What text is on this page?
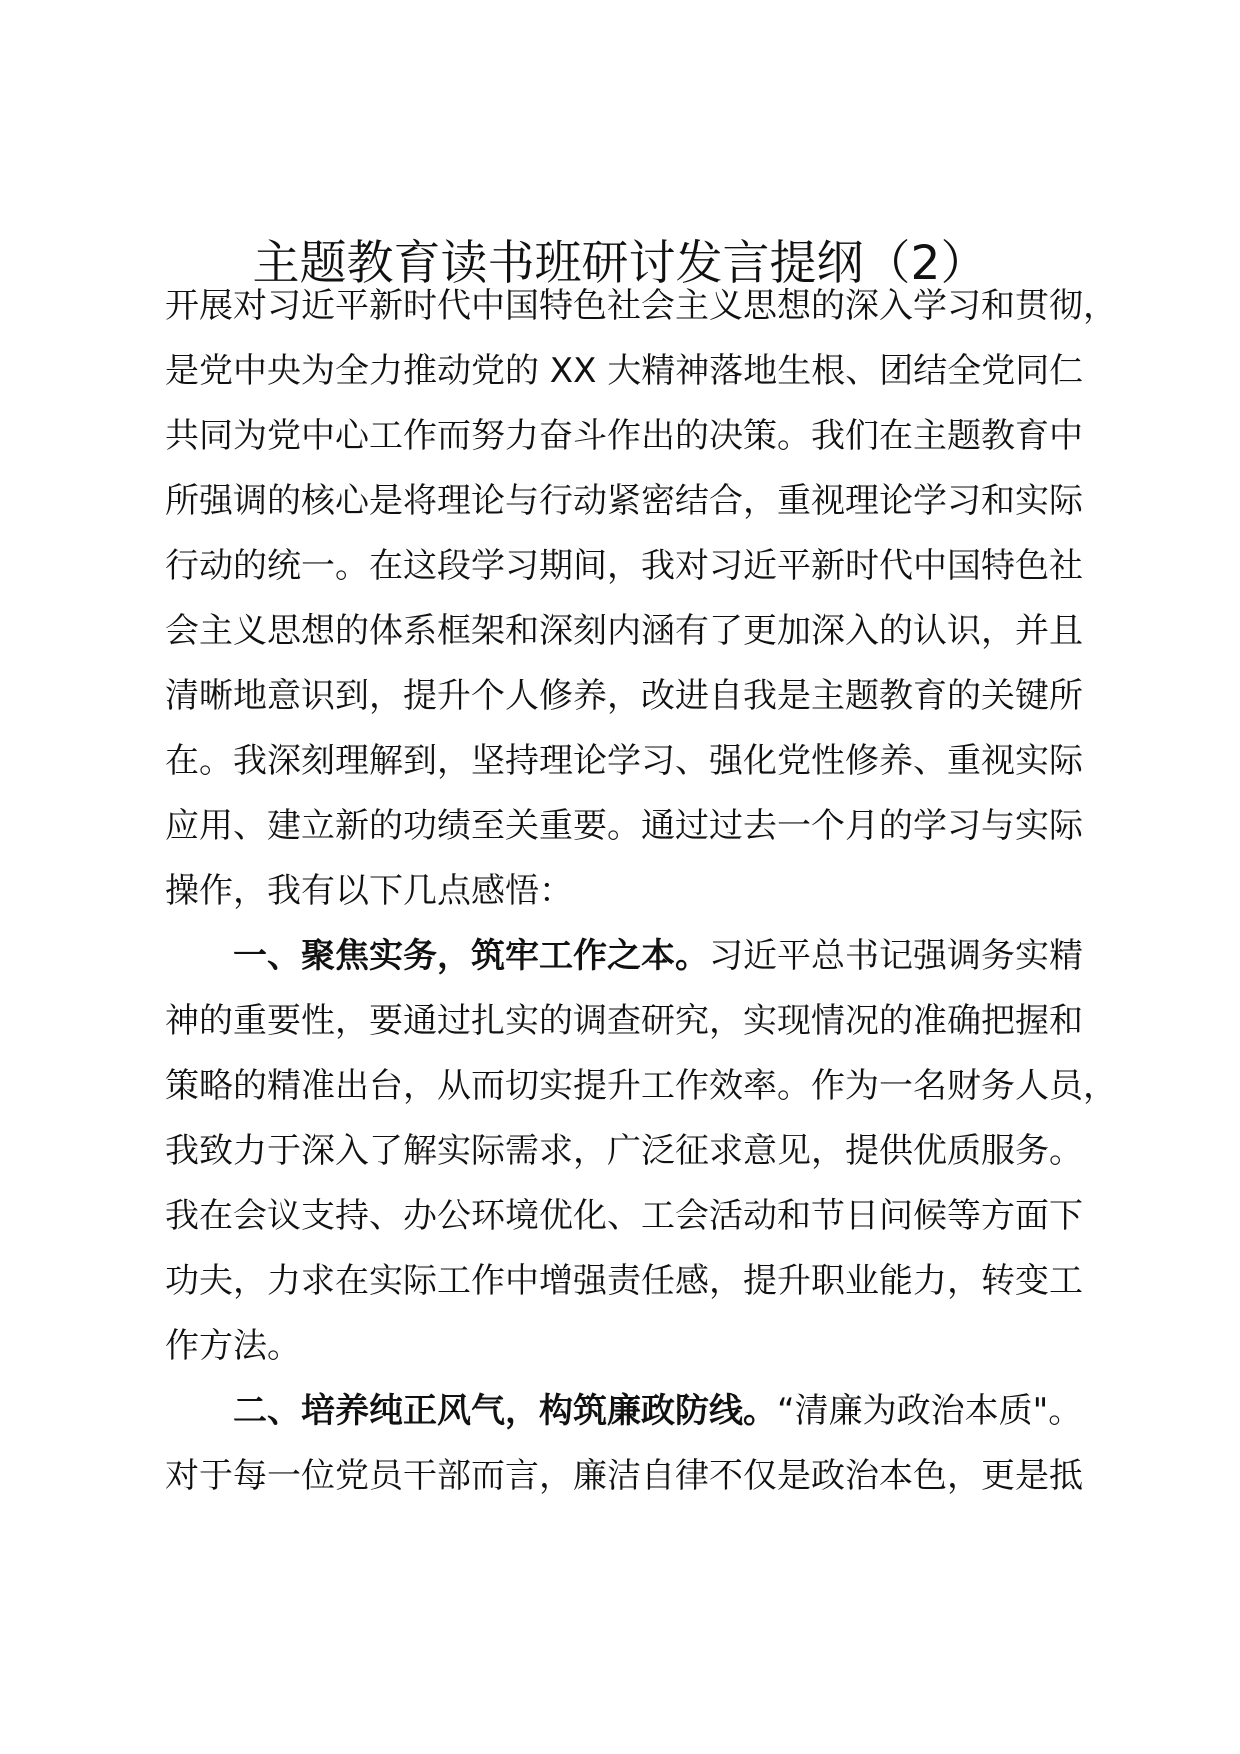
主题教育读书班研讨发言提纲（2）
开展对习近平新时代中国特色社会主义思想的深入学习和贯彻，
是党中央为全力推动党的 XX 大精神落地生根、团结全党同仁
共同为党中心工作而努力奋斗作出的决策。我们在主题教育中
所强调的核心是将理论与行动紧密结合，重视理论学习和实际
行动的统一。在这段学习期间，我对习近平新时代中国特色社
会主义思想的体系框架和深刻内涵有了更加深入的认识，并且
清晰地意识到，提升个人修养，改进自我是主题教育的关键所
在。我深刻理解到，坚持理论学习、强化党性修养、重视实际
应用、建立新的功绩至关重要。通过过去一个月的学习与实际
操作，我有以下几点感悟：
一、聚焦实务，筑牢工作之本。习近平总书记强调务实精
神的重要性，要通过扎实的调查研究，实现情况的准确把握和
策略的精准出台，从而切实提升工作效率。作为一名财务人员，
我致力于深入了解实际需求，广泛征求意见，提供优质服务。
我在会议支持、办公环境优化、工会活动和节日问候等方面下
功夫，力求在实际工作中增强责任感，提升职业能力，转变工
作方法。
二、培养纯正风气，构筑廉政防线。“清廉为政治本质"。
对于每一位党员干部而言，廉洁自律不仅是政治本色，更是抵
